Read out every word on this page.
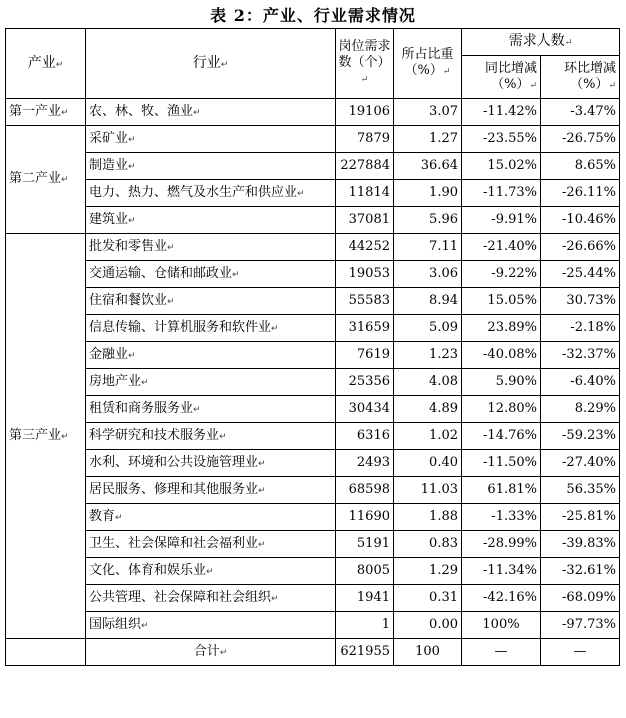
表 2：产业、行业需求情况
产业 ↵	行业 ↵	岗位需求数（个） ↵	所占比重（%） ↵	需求人数 ↵
				同比增减（%） ↵	环比增减（%） ↵
第一产业 ↵	农、林、牧、渔业 ↵	19106	3.07	-11.42%	-3.47%
第二产业 ↵	采矿业 ↵	7879	1.27	-23.55%	-26.75%
	制造业 ↵	227884	36.64	15.02%	8.65%
	电力、热力、燃气及水生产和供应业 ↵	11814	1.90	-11.73%	-26.11%
	建筑业 ↵	37081	5.96	-9.91%	-10.46%
第三产业 ↵	批发和零售业 ↵	44252	7.11	-21.40%	-26.66%
	交通运输、仓储和邮政业 ↵	19053	3.06	-9.22%	-25.44%
	住宿和餐饮业 ↵	55583	8.94	15.05%	30.73%
	信息传输、计算机服务和软件业 ↵	31659	5.09	23.89%	-2.18%
	金融业 ↵	7619	1.23	-40.08%	-32.37%
	房地产业 ↵	25356	4.08	5.90%	-6.40%
	租赁和商务服务业 ↵	30434	4.89	12.80%	8.29%
	科学研究和技术服务业 ↵	6316	1.02	-14.76%	-59.23%
	水利、环境和公共设施管理业 ↵	2493	0.40	-11.50%	-27.40%
	居民服务、修理和其他服务业 ↵	68598	11.03	61.81%	56.35%
	教育 ↵	11690	1.88	-1.33%	-25.81%
	卫生、社会保障和社会福利业 ↵	5191	0.83	-28.99%	-39.83%
	文化、体育和娱乐业 ↵	8005	1.29	-11.34%	-32.61%
	公共管理、社会保障和社会组织 ↵	1941	0.31	-42.16%	-68.09%
	国际组织 ↵	1	0.00	100%	-97.73%
	合计 ↵	621955	100	—	—
